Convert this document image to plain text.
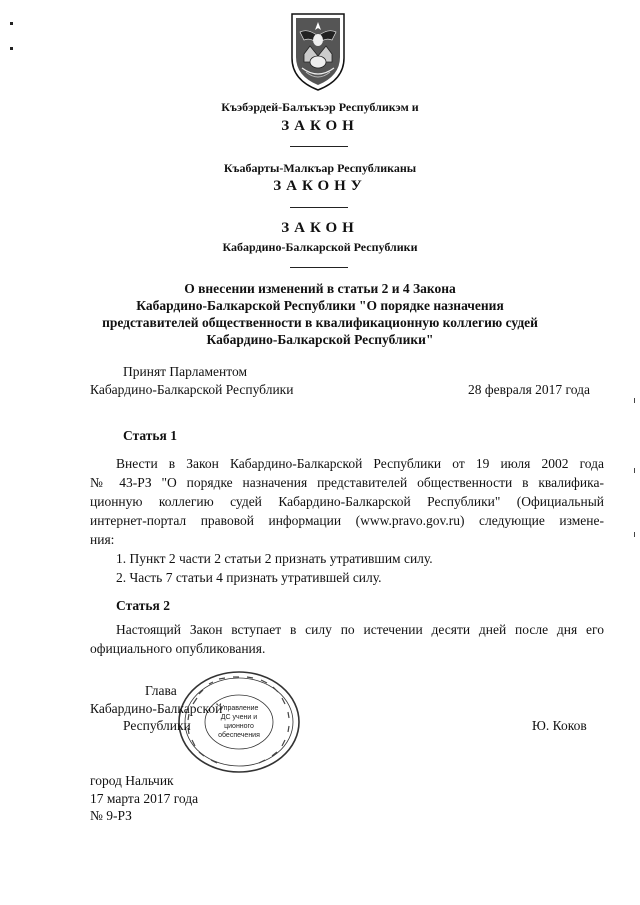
Къэбэрдей-Балъкъэр Республикэм и
ЗАКОН
Къабарты-Малкъар Республиканы
ЗАКОНУ
ЗАКОН
Кабардино-Балкарской Республики
О внесении изменений в статьи 2 и 4 Закона
Кабардино-Балкарской Республики "О порядке назначения
представителей общественности в квалификационную коллегию судей
Кабардино-Балкарской Республики"
Принят Парламентом
Кабардино-Балкарской Республики	28 февраля 2017 года
Статья 1
Внести в Закон Кабардино-Балкарской Республики от 19 июля 2002 года
№ 43-РЗ "О порядке назначения представителей общественности в квалифика-
ционную коллегию судей Кабардино-Балкарской Республики" (Официальный
интернет-портал правовой информации (www.pravo.gov.ru) следующие измене-
ния:
1. Пункт 2 части 2 статьи 2 признать утратившим силу.
2. Часть 7 статьи 4 признать утратившей силу.
Статья 2
Настоящий Закон вступает в силу по истечении десяти дней после дня его
официального опубликования.
Управление
ДС учени и
ционного
обеспечения
Глава
Кабардино-Балкарской
Республики	Ю. Коков
город Нальчик
17 марта 2017 года
№ 9-РЗ
